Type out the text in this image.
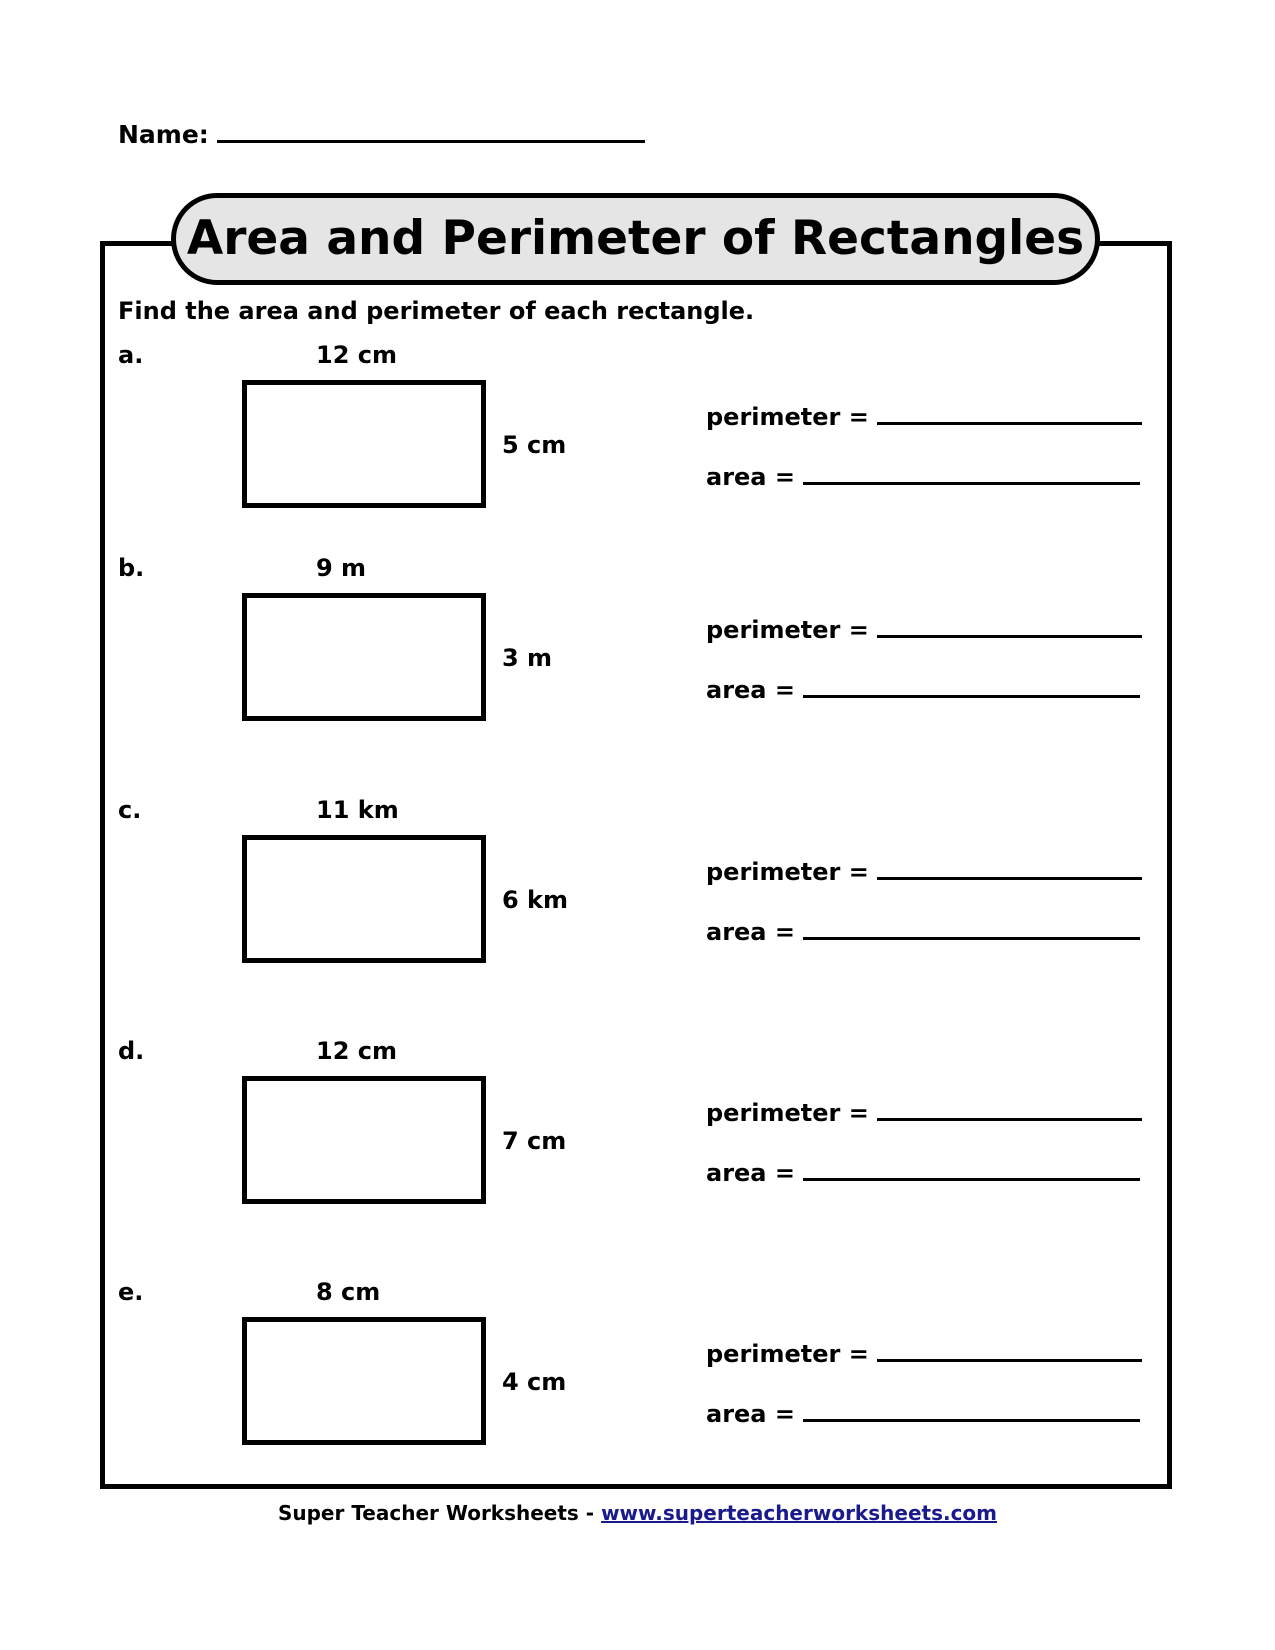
Name:
Area and Perimeter of Rectangles
Find the area and perimeter of each rectangle.
a.	12 cm
5 cm
perimeter =
area =
b.	9 m
3 m
perimeter =
area =
c.	11 km
6 km
perimeter =
area =
d.	12 cm
7 cm
perimeter =
area =
e.	8 cm
4 cm
perimeter =
area =
Super Teacher Worksheets - www.superteacherworksheets.com
